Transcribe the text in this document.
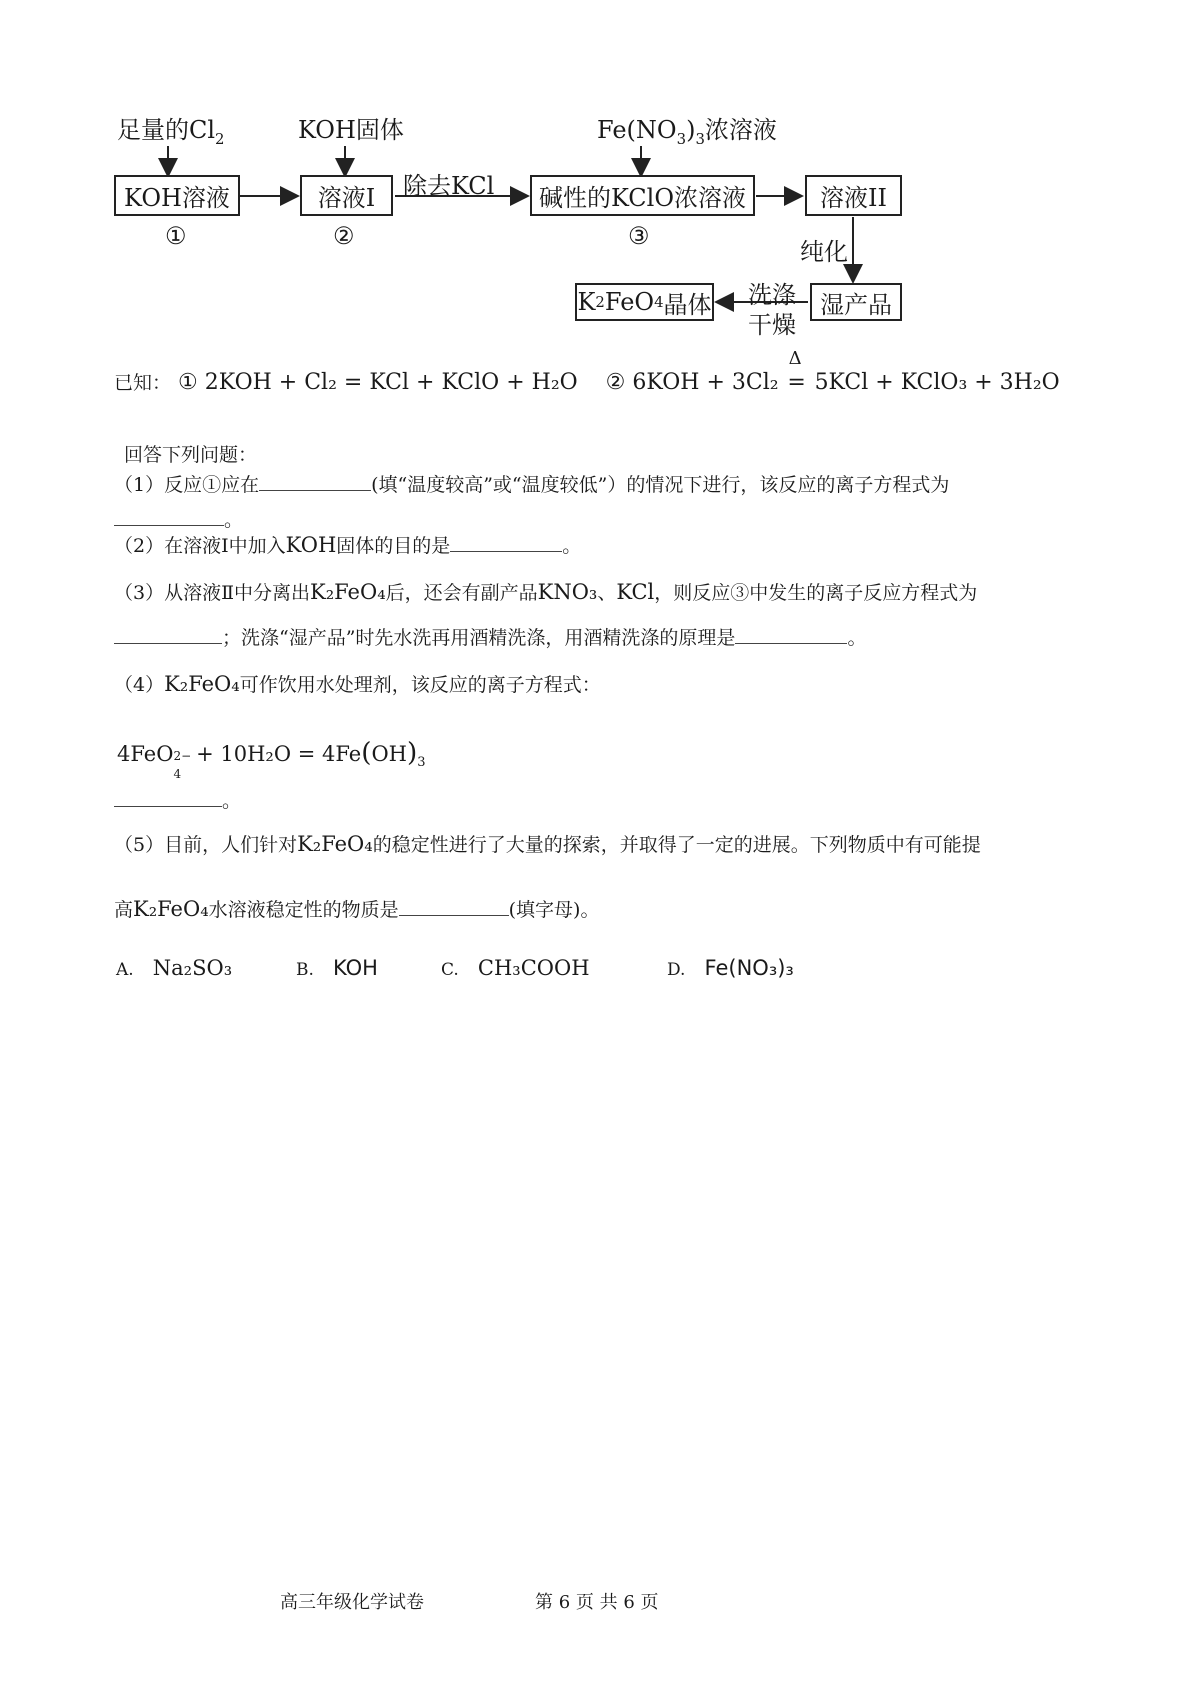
足量的$Cl_2$	KOH固体	$Fe(NO_3)_3$浓溶液
KOH溶液	溶液I	碱性的KClO浓溶液	溶液II
湿产品
K 2 FeO 4 晶体
除去KCl
纯化
洗涤
干燥
①	②	③
已知： ① 2KOH + Cl₂ = KCl + KClO + H₂O ② 6KOH + 3Cl₂
Δ
= 5KCl + KClO₃ + 3H₂O
回答下列问题：
（1）反应①应在	(填“温度较高”或“温度较低”）的情况下进行，该反应的离子方程式为
。
（2）在溶液Ⅰ中加入KOH固体的目的是	。
（3）从溶液Ⅱ中分离出K₂FeO₄后，还会有副产品KNO₃、KCl，则反应③中发生的离子反应方程式为
；洗涤“湿产品”时先水洗再用酒精洗涤，用酒精洗涤的原理是	。
（4）K₂FeO₄可作饮用水处理剂，该反应的离子方程式：
4FeO 2−
4
+ $10H_2O = 4Fe(OH)_3$
。
（5）目前，人们针对K₂FeO₄的稳定性进行了大量的探索，并取得了一定的进展。下列物质中有可能提
高K₂FeO₄水溶液稳定性的物质是	(填字母)。
A. Na₂SO₃	B. KOH	C. CH₃COOH	D. Fe(NO₃)₃
高三年级化学试卷	第 6 页 共 6 页
